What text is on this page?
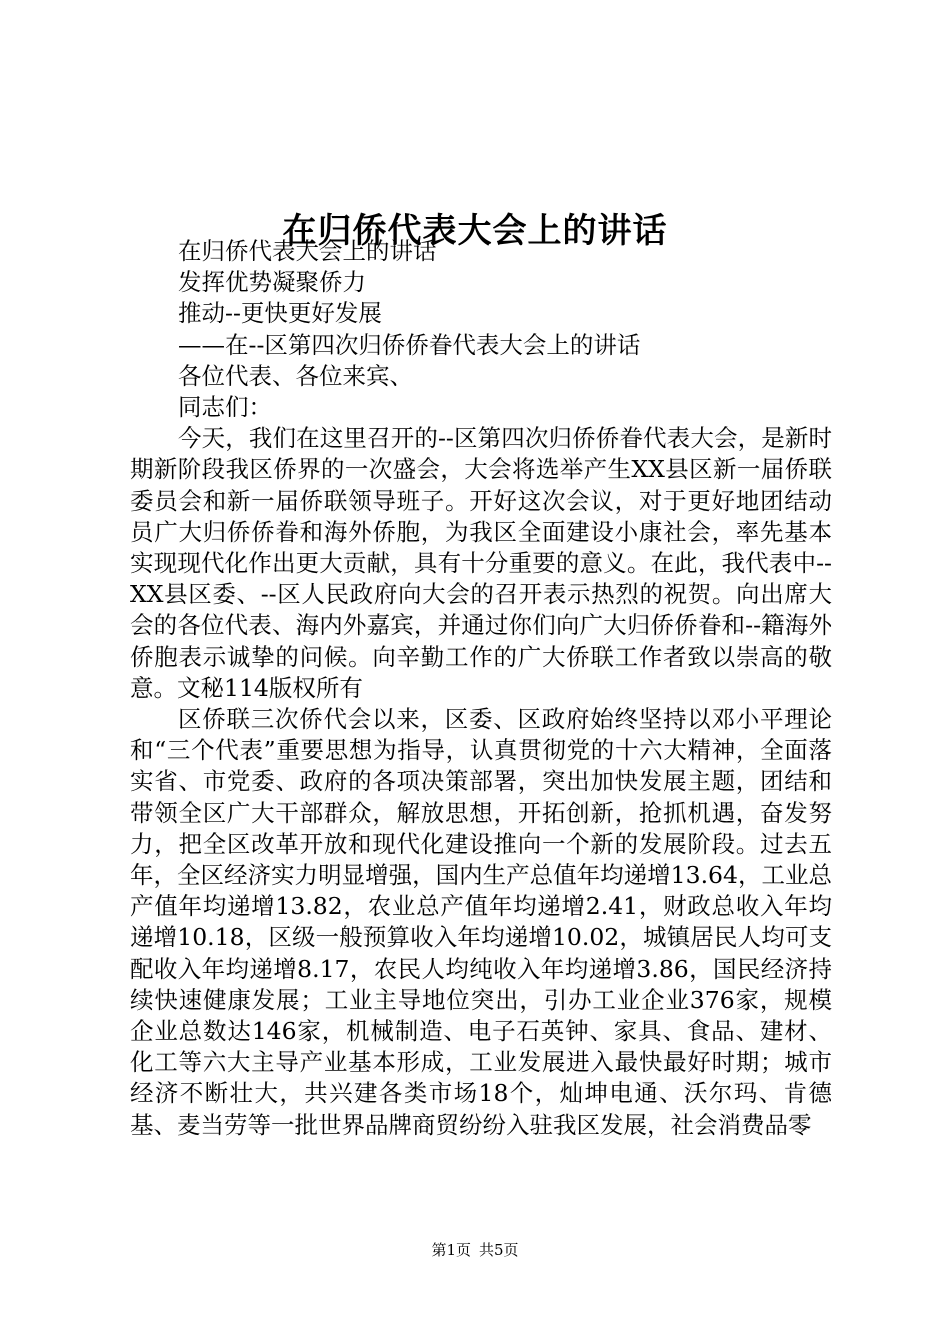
在归侨代表大会上的讲话

在归侨代表大会上的讲话

发挥优势凝聚侨力

推动--更快更好发展

——在--区第四次归侨侨眷代表大会上的讲话

各位代表、各位来宾、

同志们：

今天，我们在这里召开的--区第四次归侨侨眷代表大会，是新时期新阶段我区侨界的一次盛会，大会将选举产生XX县区新一届侨联委员会和新一届侨联领导班子。开好这次会议，对于更好地团结动员广大归侨侨眷和海外侨胞，为我区全面建设小康社会，率先基本实现现代化作出更大贡献，具有十分重要的意义。在此，我代表中--XX县区委、--区人民政府向大会的召开表示热烈的祝贺。向出席大会的各位代表、海内外嘉宾，并通过你们向广大归侨侨眷和--籍海外侨胞表示诚挚的问候。向辛勤工作的广大侨联工作者致以崇高的敬意。文秘114版权所有

区侨联三次侨代会以来，区委、区政府始终坚持以邓小平理论和“三个代表”重要思想为指导，认真贯彻党的十六大精神，全面落实省、市党委、政府的各项决策部署，突出加快发展主题，团结和带领全区广大干部群众，解放思想，开拓创新，抢抓机遇，奋发努力，把全区改革开放和现代化建设推向一个新的发展阶段。过去五年，全区经济实力明显增强，国内生产总值年均递增13.64，工业总产值年均递增13.82，农业总产值年均递增2.41，财政总收入年均递增10.18，区级一般预算收入年均递增10.02，城镇居民人均可支配收入年均递增8.17，农民人均纯收入年均递增3.86，国民经济持续快速健康发展；工业主导地位突出，引办工业企业376家，规模企业总数达146家，机械制造、电子石英钟、家具、食品、建材、化工等六大主导产业基本形成，工业发展进入最快最好时期；城市经济不断壮大，共兴建各类市场18个，灿坤电通、沃尔玛、肯德基、麦当劳等一批世界品牌商贸纷纷入驻我区发展，社会消费品零

第1页 共5页
